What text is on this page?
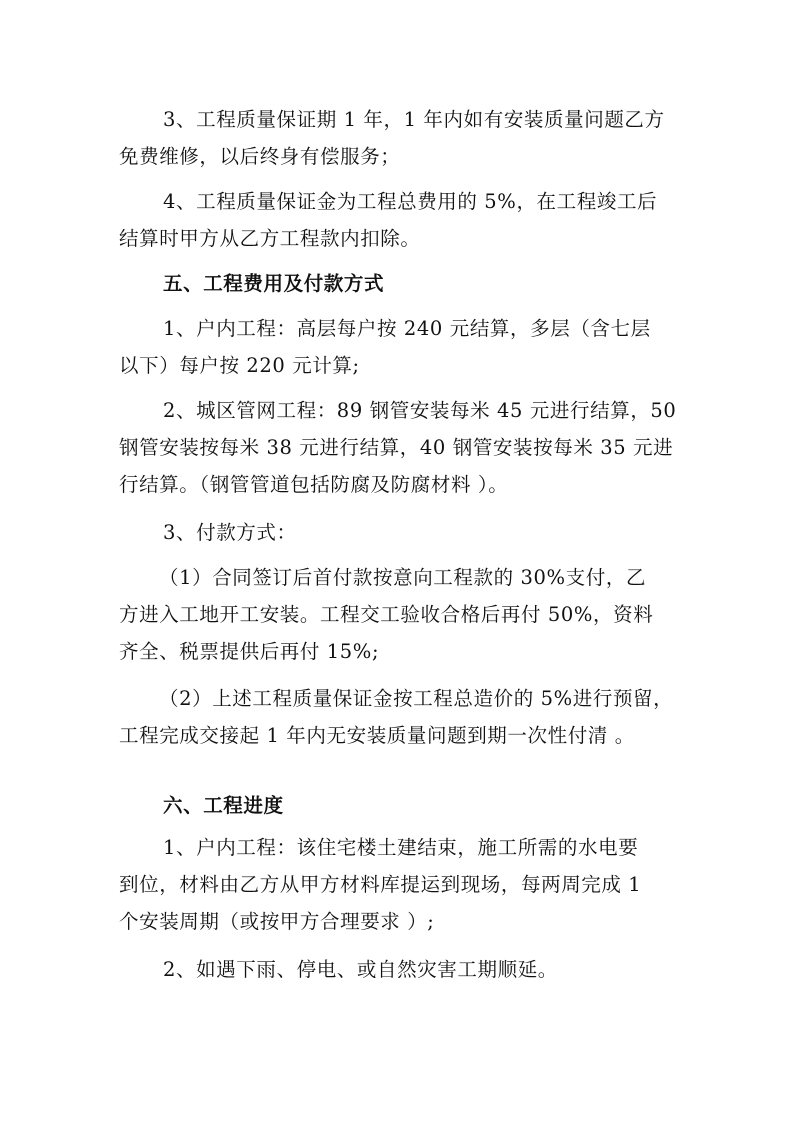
3、工程质量保证期 1 年，1 年内如有安装质量问题乙方
免费维修，以后终身有偿服务；
4、工程质量保证金为工程总费用的 5%，在工程竣工后
结算时甲方从乙方工程款内扣除。
五、工程费用及付款方式
1、户内工程：高层每户按 240 元结算，多层（含七层
以下）每户按 220 元计算;
2、城区管网工程：89 钢管安装每米 45 元进行结算，50
钢管安装按每米 38 元进行结算，40 钢管安装按每米 35 元进
行结算。（钢管管道包括防腐及防腐材料 ）。
3、付款方式：
（1）合同签订后首付款按意向工程款的 30%支付，乙
方进入工地开工安装。工程交工验收合格后再付 50%，资料
齐全、税票提供后再付 15%;
（2）上述工程质量保证金按工程总造价的 5%进行预留，
工程完成交接起 1 年内无安装质量问题到期一次性付清 。
六、工程进度
1、户内工程：该住宅楼土建结束，施工所需的水电要
到位，材料由乙方从甲方材料库提运到现场，每两周完成 1
个安装周期（或按甲方合理要求 ）;
2、如遇下雨、停电、或自然灾害工期顺延。
